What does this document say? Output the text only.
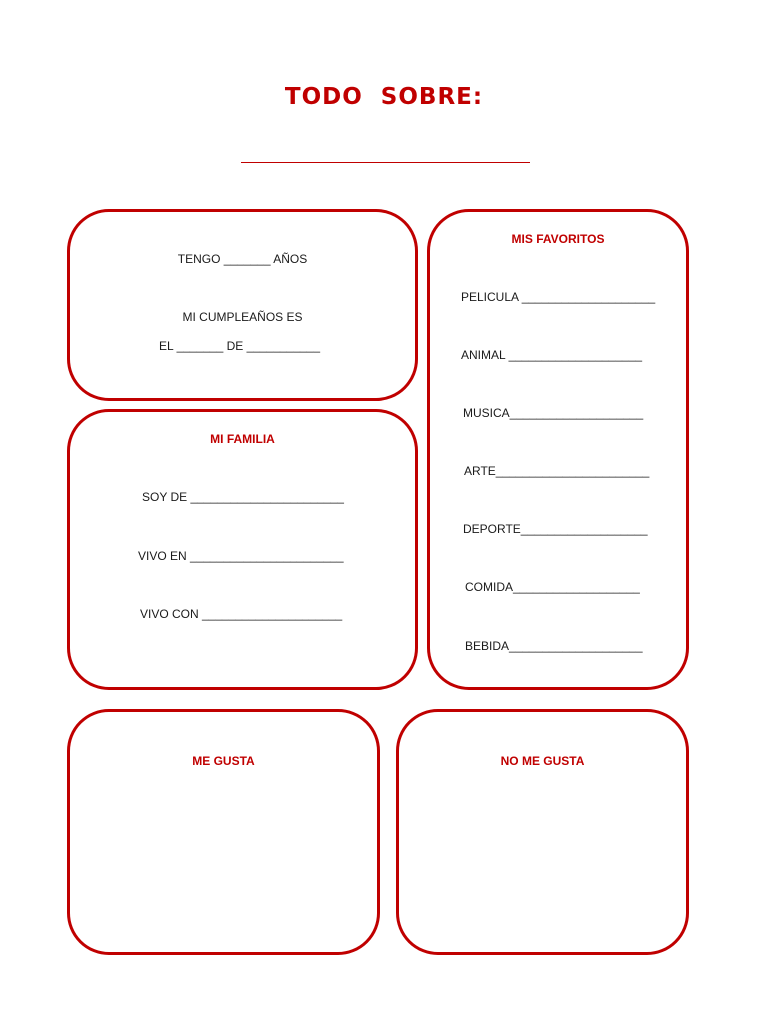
TODO  SOBRE:
TENGO _______ AÑOS
MI CUMPLEAÑOS ES
EL _______ DE ___________
MI FAMILIA
SOY DE _______________________
VIVO EN _______________________
VIVO CON _____________________
MIS FAVORITOS
PELICULA ____________________
ANIMAL ____________________
MUSICA____________________
ARTE_______________________
DEPORTE___________________
COMIDA___________________
BEBIDA____________________
ME GUSTA	NO ME GUSTA
